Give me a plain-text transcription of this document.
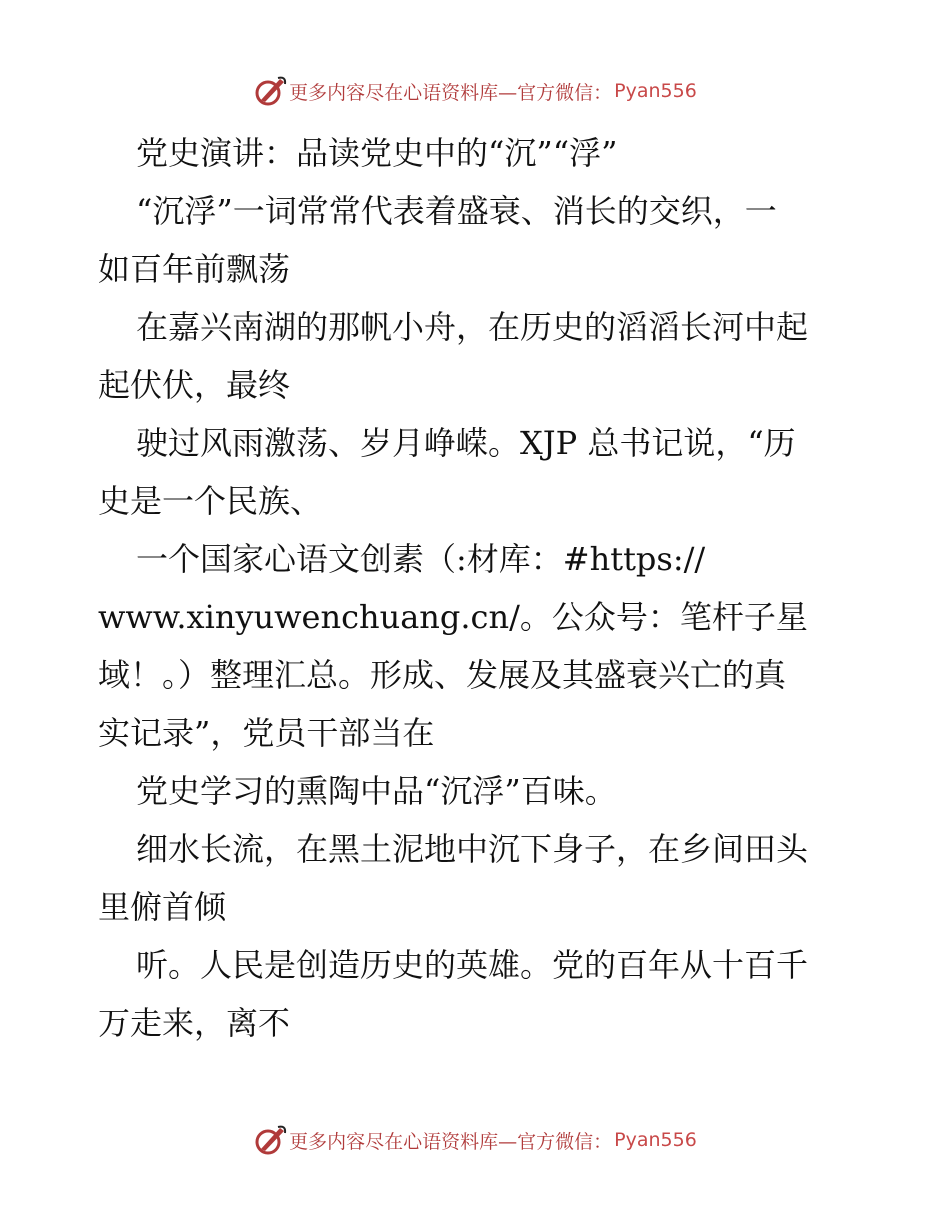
更多内容尽在心语资料库—官方微信： Pyan556
党史演讲：品读党史中的“沉”“浮”
“沉浮”一词常常代表着盛衰、消长的交织，一
如百年前飘荡
在嘉兴南湖的那帆小舟，在历史的滔滔长河中起
起伏伏，最终
驶过风雨激荡、岁月峥嵘。XJP 总书记说，“历
史是一个民族、
一个国家心语文创素（:材库：#https://
www.xinyuwenchuang.cn/。公众号：笔杆子星
域！。）整理汇总。形成、发展及其盛衰兴亡的真
实记录”，党员干部当在
党史学习的熏陶中品“沉浮”百味。
细水长流，在黑土泥地中沉下身子，在乡间田头
里俯首倾
听。人民是创造历史的英雄。党的百年从十百千
万走来，离不
更多内容尽在心语资料库—官方微信： Pyan556
